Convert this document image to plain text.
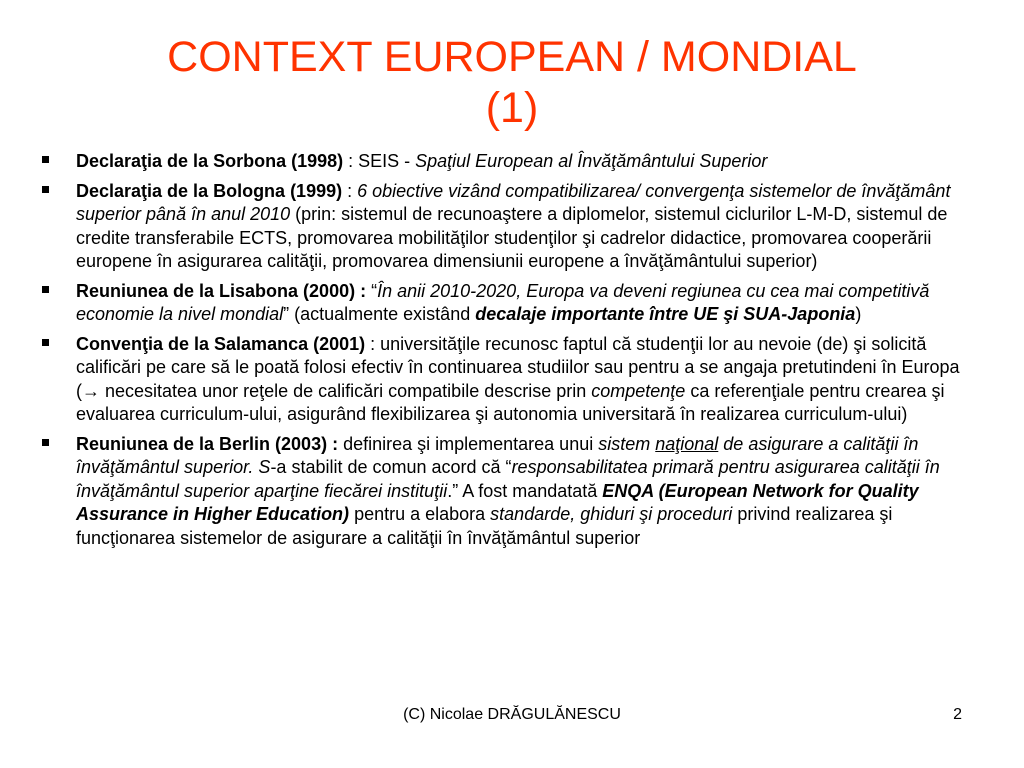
CONTEXT EUROPEAN / MONDIAL
(1)
Declaraţia de la Sorbona (1998) : SEIS - Spaţiul European al Învăţământului Superior
Declaraţia de la Bologna (1999) : 6 obiective vizând compatibilizarea/ convergenţa sistemelor de învăţământ superior până în anul 2010 (prin: sistemul de recunoaştere a diplomelor, sistemul ciclurilor L-M-D, sistemul de credite transferabile ECTS, promovarea mobilităţilor studenţilor şi cadrelor didactice, promovarea cooperării europene în asigurarea calităţii, promovarea dimensiunii europene a învăţământului superior)
Reuniunea de la Lisabona (2000) : “În anii 2010-2020, Europa va deveni regiunea cu cea mai competitivă economie la nivel mondial” (actualmente existând decalaje importante între UE şi SUA-Japonia)
Convenţia de la Salamanca (2001) : universităţile recunosc faptul că studenţii lor au nevoie (de) şi solicită calificări pe care să le poată folosi efectiv în continuarea studiilor sau pentru a se angaja pretutindeni în Europa (→ necesitatea unor reţele de calificări compatibile descrise prin competenţe ca referenţiale pentru crearea şi evaluarea curriculum-ului, asigurând flexibilizarea şi autonomia universitară în realizarea curriculum-ului)
Reuniunea de la Berlin (2003) : definirea şi implementarea unui sistem naţional de asigurare a calităţii în învăţământul superior. S-a stabilit de comun acord că “responsabilitatea primară pentru asigurarea calităţii în învăţământul superior aparţine fiecărei instituţii.” A fost mandatată ENQA (European Network for Quality Assurance in Higher Education) pentru a elabora standarde, ghiduri şi proceduri privind realizarea şi funcţionarea sistemelor de asigurare a calităţii în învăţământul superior
(C) Nicolae DRĂGULĂNESCU	2
